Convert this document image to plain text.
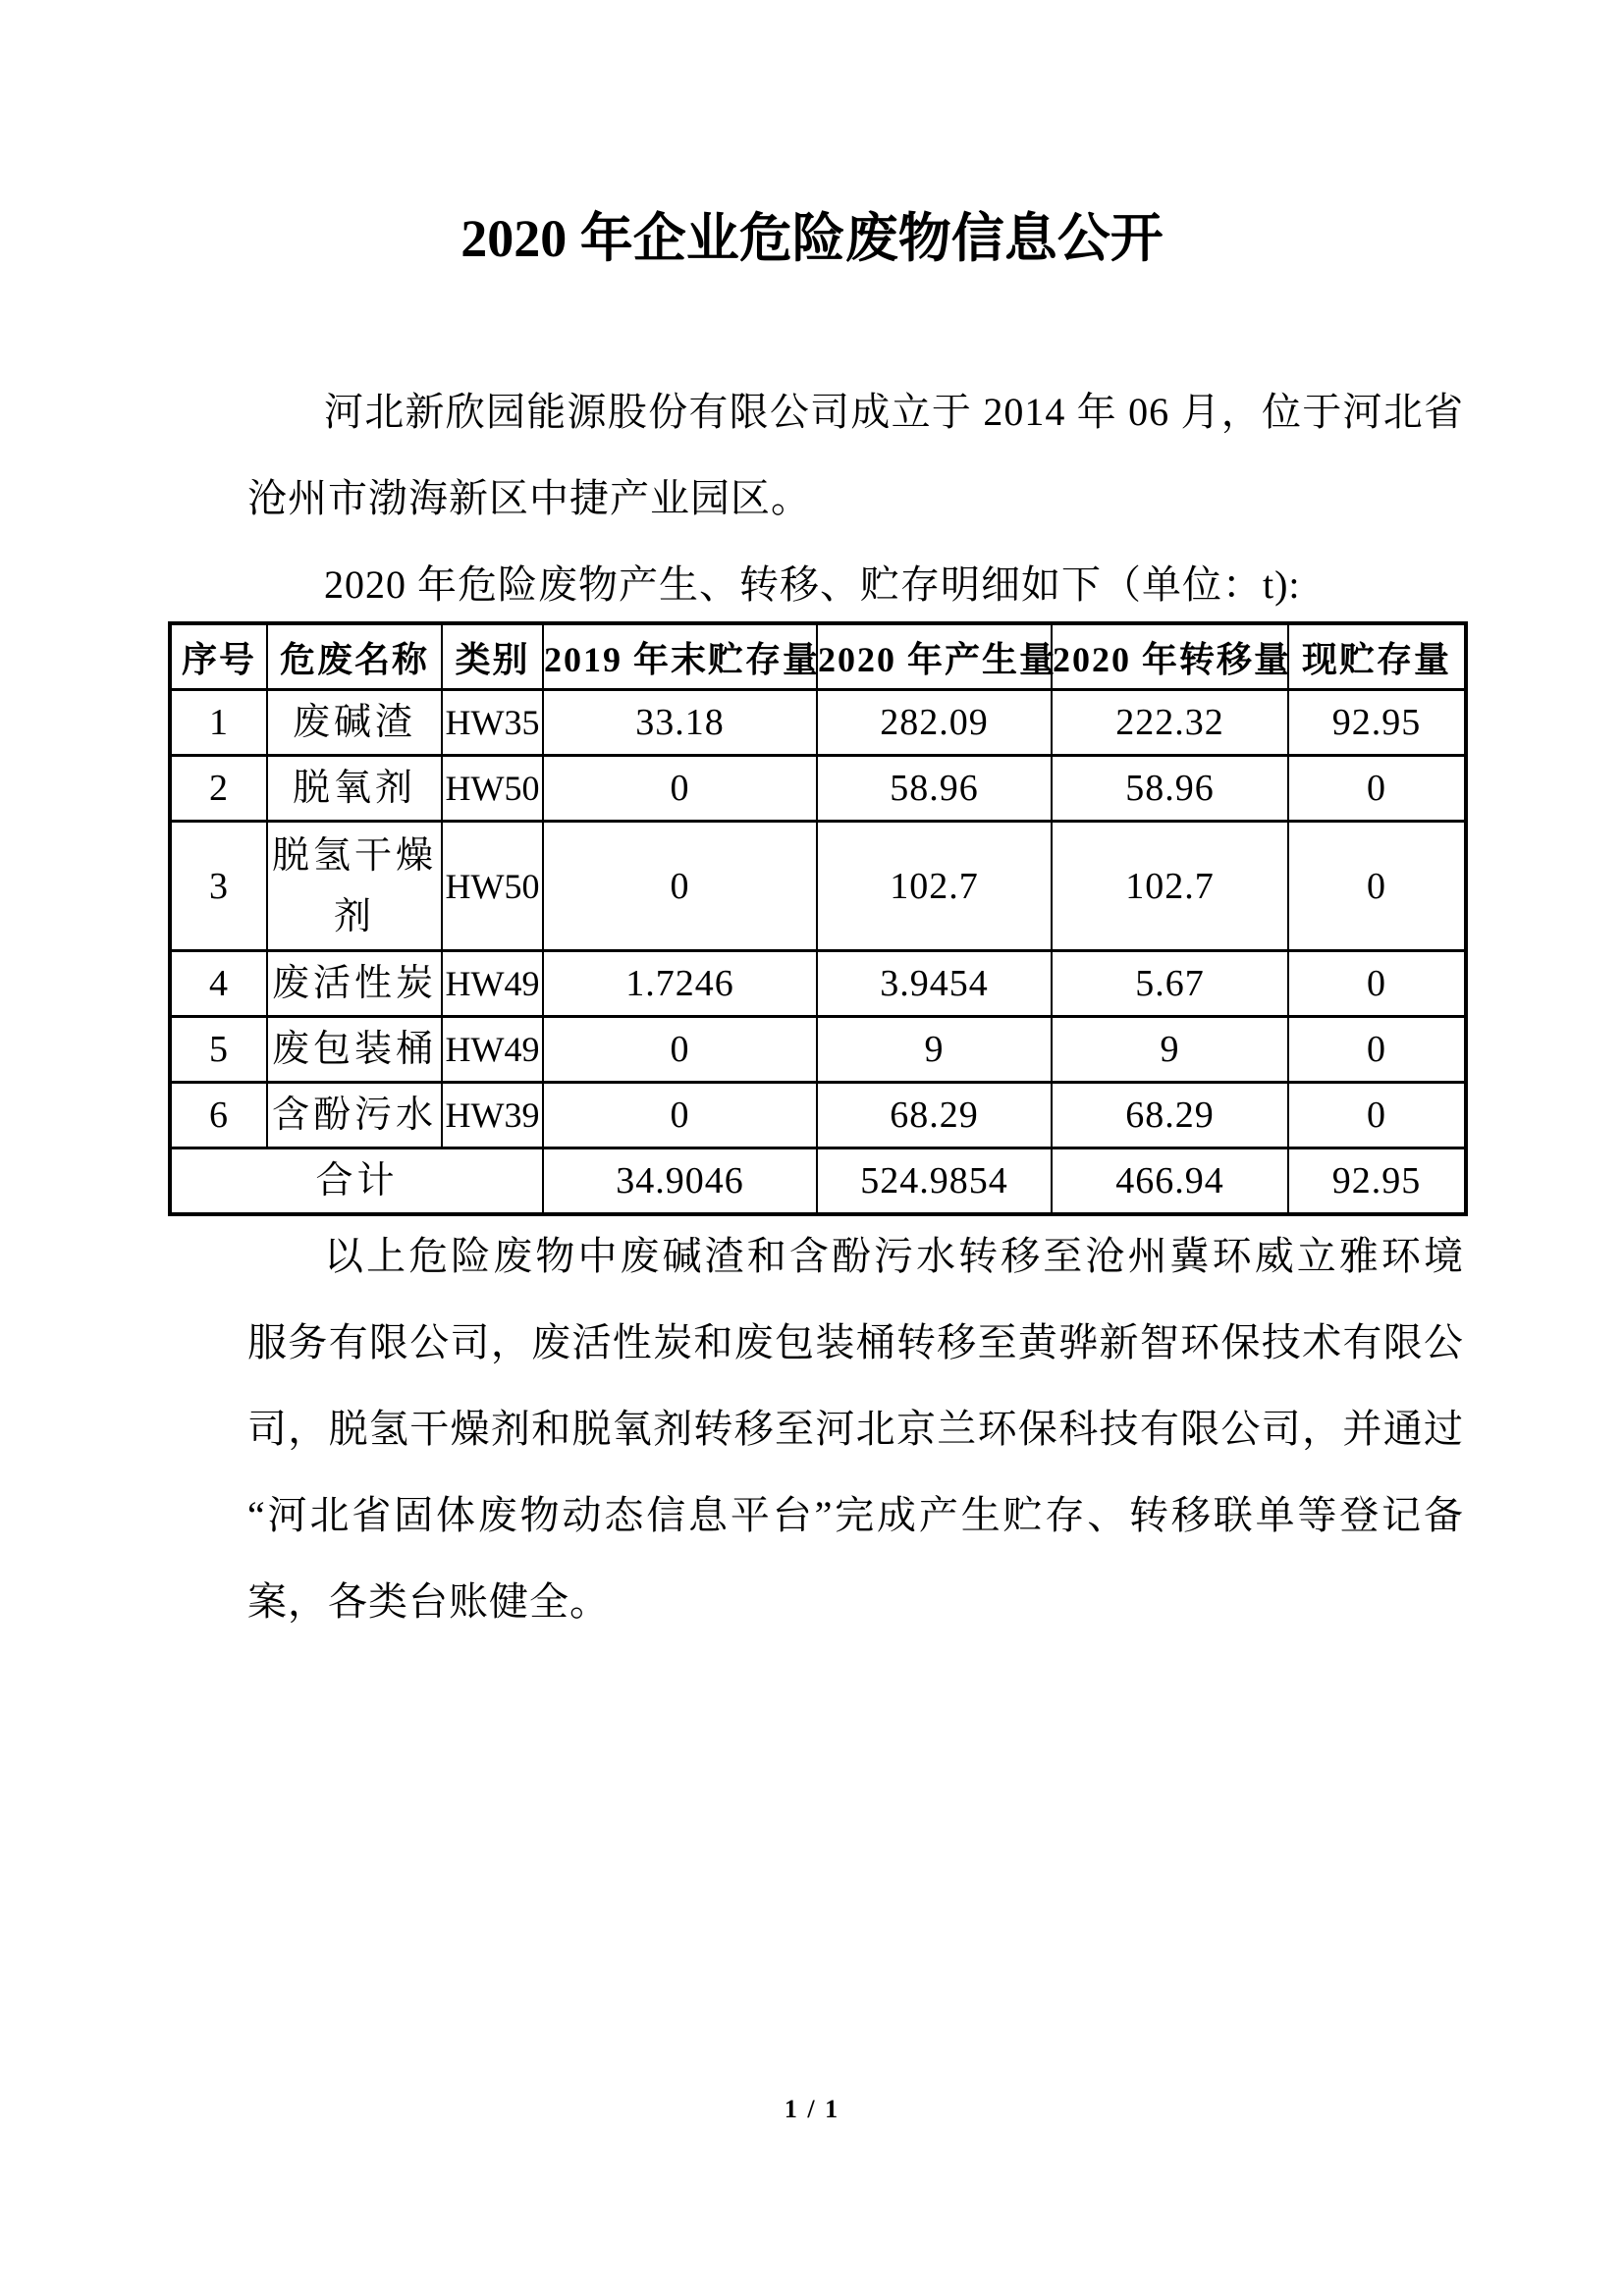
2020 年企业危险废物信息公开
河北新欣园能源股份有限公司成立于 2014 年 06 月，位于河北省
沧州市渤海新区中捷产业园区。
2020 年危险废物产生、转移、贮存明细如下（单位：t):
序号	危废名称	类别	2019 年末贮存量	2020 年产生量	2020 年转移量	现贮存量
1	废碱渣	HW35	33.18	282.09	222.32	92.95
2	脱氧剂	HW50	0	58.96	58.96	0
3	脱氢干燥剂	HW50	0	102.7	102.7	0
4	废活性炭	HW49	1.7246	3.9454	5.67	0
5	废包装桶	HW49	0	9	9	0
6	含酚污水	HW39	0	68.29	68.29	0
合计			34.9046	524.9854	466.94	92.95
以上危险废物中废碱渣和含酚污水转移至沧州冀环威立雅环境
服务有限公司，废活性炭和废包装桶转移至黄骅新智环保技术有限公
司，脱氢干燥剂和脱氧剂转移至河北京兰环保科技有限公司，并通过
“河北省固体废物动态信息平台”完成产生贮存、转移联单等登记备
案，各类台账健全。
1 / 1
